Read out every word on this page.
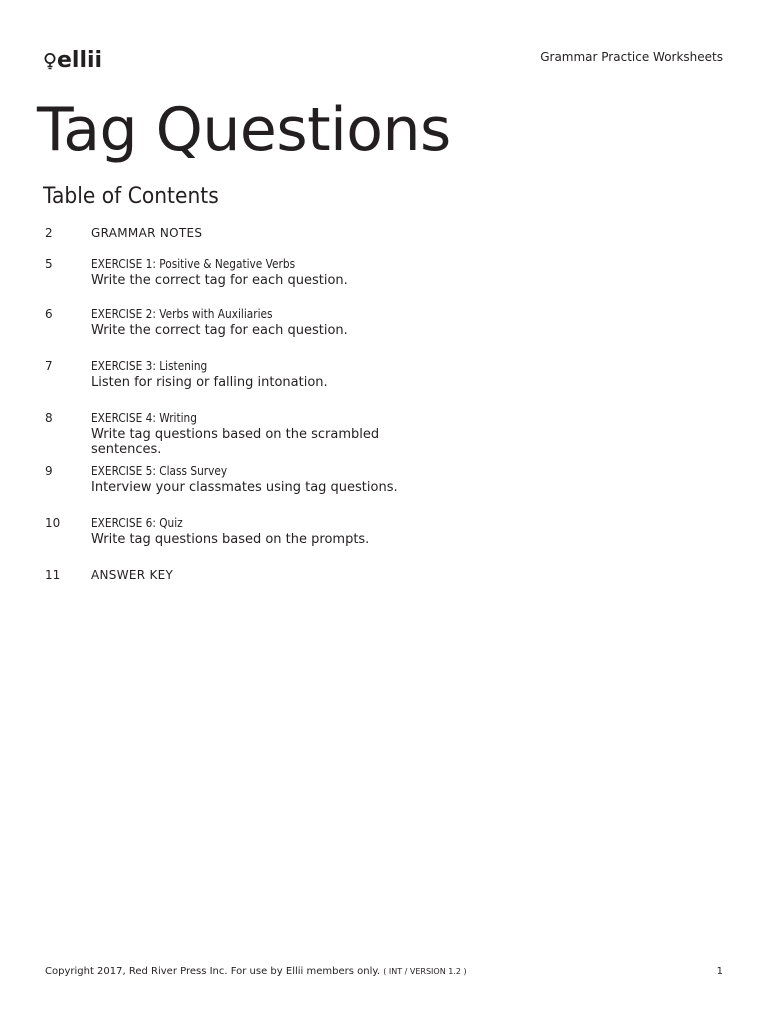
ellii	Grammar Practice Worksheets
Tag Questions
Table of Contents
2	GRAMMAR NOTES
5	EXERCISE 1: Positive & Negative Verbs
Write the correct tag for each question.
6	EXERCISE 2: Verbs with Auxiliaries
Write the correct tag for each question.
7	EXERCISE 3: Listening
Listen for rising or falling intonation.
8	EXERCISE 4: Writing
Write tag questions based on the scrambled sentences.
9	EXERCISE 5: Class Survey
Interview your classmates using tag questions.
10	EXERCISE 6: Quiz
Write tag questions based on the prompts.
11	ANSWER KEY
Copyright 2017, Red River Press Inc. For use by Ellii members only. ( INT / VERSION 1.2 )	1
